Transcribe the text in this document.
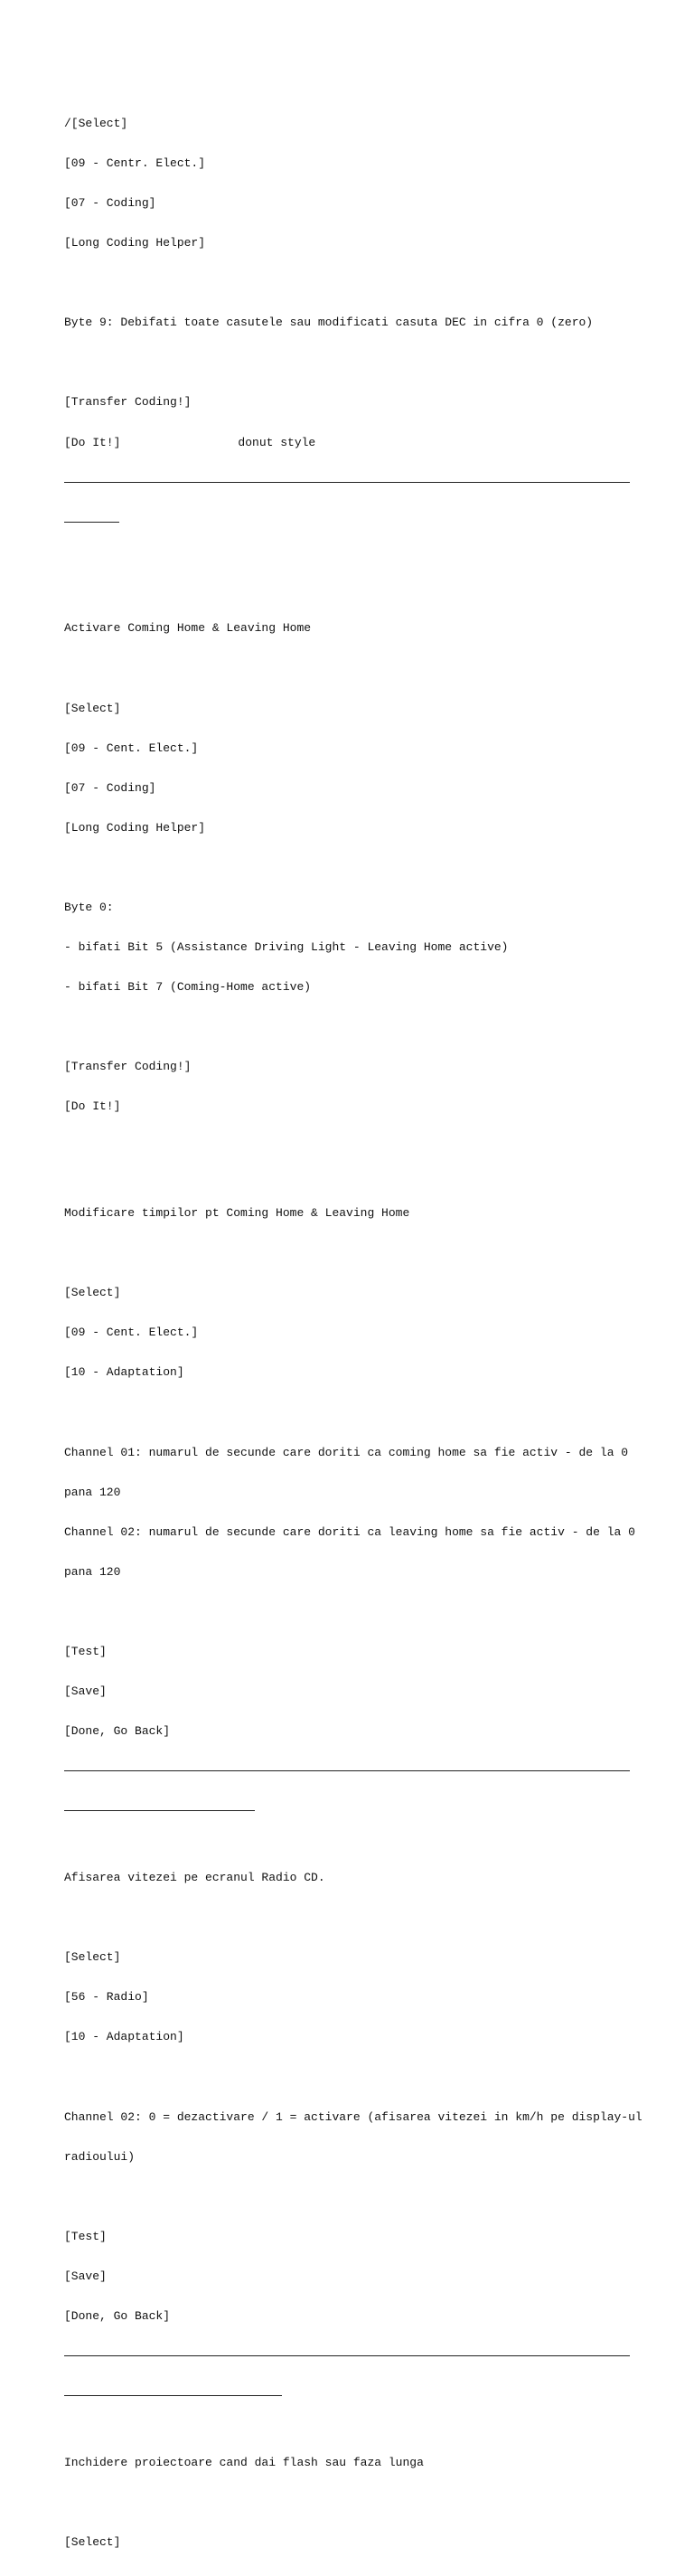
/[Select]

[09 - Centr. Elect.]

[07 - Coding]

[Long Coding Helper]

Byte 9: Debifati toate casutele sau modificati casuta DEC in cifra 0 (zero)

[Transfer Coding!]

[Do It!]	donut style

Activare Coming Home & Leaving Home

[Select]

[09 - Cent. Elect.]

[07 - Coding]

[Long Coding Helper]

Byte 0:

- bifati Bit 5 (Assistance Driving Light - Leaving Home active)

- bifati Bit 7 (Coming-Home active)

[Transfer Coding!]

[Do It!]

Modificare timpilor pt Coming Home & Leaving Home

[Select]

[09 - Cent. Elect.]

[10 - Adaptation]

Channel 01: numarul de secunde care doriti ca coming home sa fie activ - de la 0

pana 120

Channel 02: numarul de secunde care doriti ca leaving home sa fie activ - de la 0

pana 120

[Test]

[Save]

[Done, Go Back]

Afisarea vitezei pe ecranul Radio CD.

[Select]

[56 - Radio]

[10 - Adaptation]

Channel 02: 0 = dezactivare / 1 = activare (afisarea vitezei in km/h pe display-ul

radioului)

[Test]

[Save]

[Done, Go Back]

Inchidere proiectoare cand dai flash sau faza lunga

[Select]
